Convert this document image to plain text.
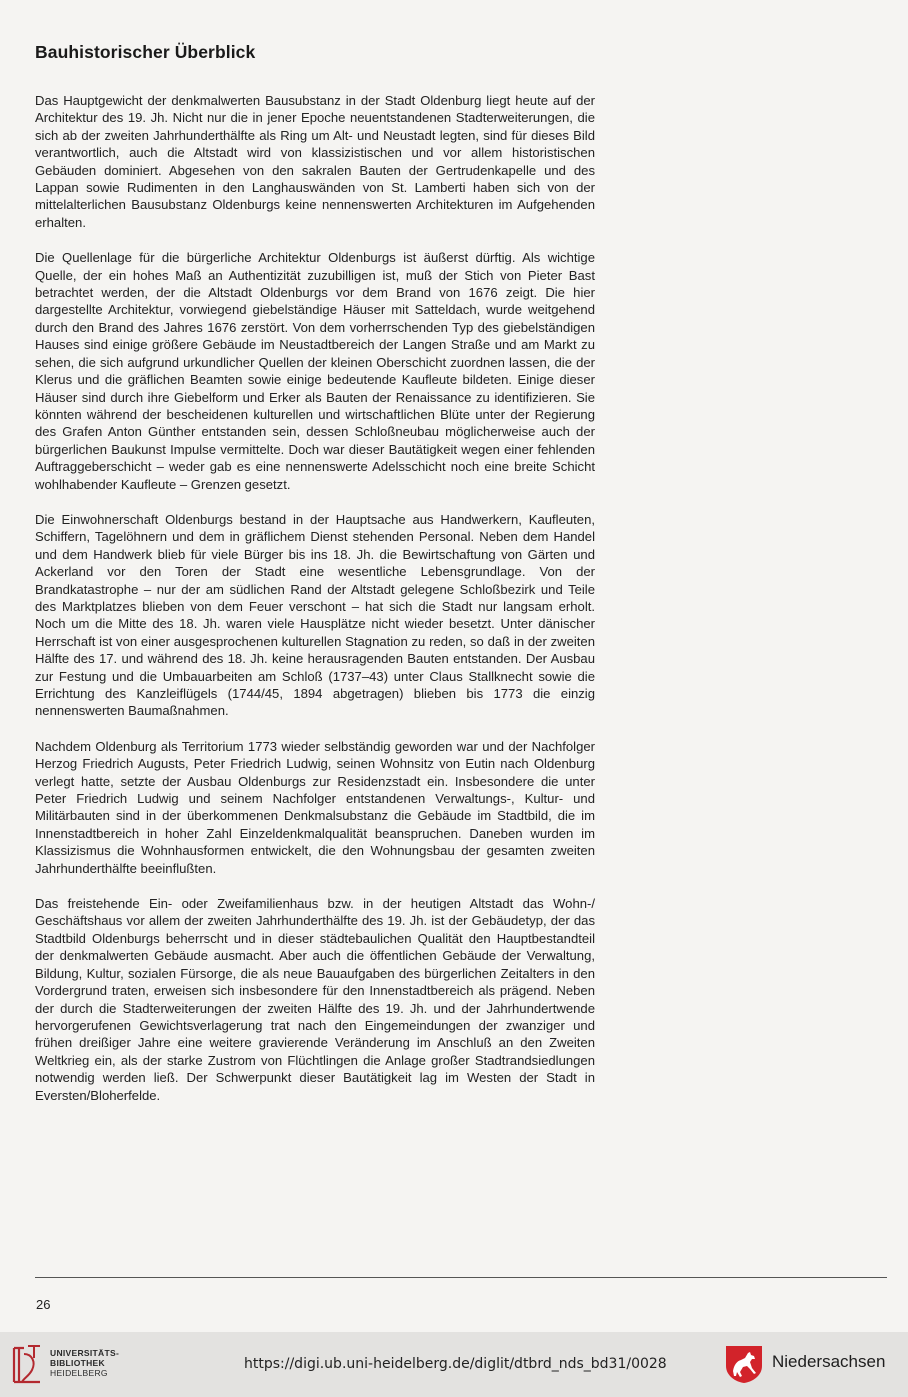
Bauhistorischer Überblick

Das Hauptgewicht der denkmalwerten Bausubstanz in der Stadt Oldenburg liegt heute auf der Architektur des 19. Jh. Nicht nur die in jener Epoche neuentstandenen Stadterweiterungen, die sich ab der zweiten Jahrhunderthälfte als Ring um Alt- und Neustadt legten, sind für dieses Bild verantwortlich, auch die Altstadt wird von klassizistischen und vor allem historistischen Gebäuden dominiert. Abgesehen von den sakralen Bauten der Gertrudenkapelle und des Lappan sowie Rudimenten in den Langhauswänden von St. Lamberti haben sich von der mittelalterlichen Bausubstanz Oldenburgs keine nennenswerten Architekturen im Aufgehenden erhalten.

Die Quellenlage für die bürgerliche Architektur Oldenburgs ist äußerst dürftig. Als wichtige Quelle, der ein hohes Maß an Authentizität zuzubilligen ist, muß der Stich von Pieter Bast betrachtet werden, der die Altstadt Oldenburgs vor dem Brand von 1676 zeigt. Die hier dargestellte Architektur, vorwiegend giebelständige Häuser mit Satteldach, wurde weitgehend durch den Brand des Jahres 1676 zerstört. Von dem vorherrschenden Typ des giebelständigen Hauses sind einige größere Gebäude im Neustadtbereich der Langen Straße und am Markt zu sehen, die sich aufgrund urkundlicher Quellen der kleinen Oberschicht zuordnen lassen, die der Klerus und die gräflichen Beamten sowie einige bedeutende Kaufleute bildeten. Einige dieser Häuser sind durch ihre Giebelform und Erker als Bauten der Renaissance zu identifizieren. Sie könnten während der bescheidenen kulturellen und wirtschaftlichen Blüte unter der Regierung des Grafen Anton Günther entstanden sein, dessen Schloßneubau möglicherweise auch der bürgerlichen Baukunst Impulse vermittelte. Doch war dieser Bautätigkeit wegen einer fehlenden Auftraggeberschicht – weder gab es eine nennenswerte Adelsschicht noch eine breite Schicht wohlhabender Kaufleute – Grenzen gesetzt.

Die Einwohnerschaft Oldenburgs bestand in der Hauptsache aus Handwerkern, Kaufleuten, Schiffern, Tagelöhnern und dem in gräflichem Dienst stehenden Personal. Neben dem Handel und dem Handwerk blieb für viele Bürger bis ins 18. Jh. die Bewirtschaftung von Gärten und Ackerland vor den Toren der Stadt eine wesentliche Lebensgrundlage. Von der Brandkatastrophe – nur der am südlichen Rand der Altstadt gelegene Schloßbezirk und Teile des Marktplatzes blieben von dem Feuer verschont – hat sich die Stadt nur langsam erholt. Noch um die Mitte des 18. Jh. waren viele Hausplätze nicht wieder besetzt. Unter dänischer Herrschaft ist von einer ausgesprochenen kulturellen Stagnation zu reden, so daß in der zweiten Hälfte des 17. und während des 18. Jh. keine herausragenden Bauten entstanden. Der Ausbau zur Festung und die Umbauarbeiten am Schloß (1737–43) unter Claus Stallknecht sowie die Errichtung des Kanzleiflügels (1744/45, 1894 abgetragen) blieben bis 1773 die einzig nennenswerten Baumaßnahmen.

Nachdem Oldenburg als Territorium 1773 wieder selbständig geworden war und der Nachfolger Herzog Friedrich Augusts, Peter Friedrich Ludwig, seinen Wohnsitz von Eutin nach Oldenburg verlegt hatte, setzte der Ausbau Oldenburgs zur Residenzstadt ein. Insbesondere die unter Peter Friedrich Ludwig und seinem Nachfolger entstandenen Verwaltungs-, Kultur- und Militärbauten sind in der überkommenen Denkmalsubstanz die Gebäude im Stadtbild, die im Innenstadtbereich in hoher Zahl Einzeldenkmalqualität beanspruchen. Daneben wurden im Klassizismus die Wohnhausformen entwickelt, die den Wohnungsbau der gesamten zweiten Jahrhunderthälfte beeinflußten.

Das freistehende Ein- oder Zweifamilienhaus bzw. in der heutigen Altstadt das Wohn-/ Geschäftshaus vor allem der zweiten Jahrhunderthälfte des 19. Jh. ist der Gebäudetyp, der das Stadtbild Oldenburgs beherrscht und in dieser städtebaulichen Qualität den Hauptbestandteil der denkmalwerten Gebäude ausmacht. Aber auch die öffentlichen Gebäude der Verwaltung, Bildung, Kultur, sozialen Fürsorge, die als neue Bauaufgaben des bürgerlichen Zeitalters in den Vordergrund traten, erweisen sich insbesondere für den Innenstadtbereich als prägend. Neben der durch die Stadterweiterungen der zweiten Hälfte des 19. Jh. und der Jahrhundertwende hervorgerufenen Gewichtsverlagerung trat nach den Eingemeindungen der zwanziger und frühen dreißiger Jahre eine weitere gravierende Veränderung im Anschluß an den Zweiten Weltkrieg ein, als der starke Zustrom von Flüchtlingen die Anlage großer Stadtrandsiedlungen notwendig werden ließ. Der Schwerpunkt dieser Bautätigkeit lag im Westen der Stadt in Eversten/Bloherfelde.

26
UNIVERSITÄTS-
BIBLIOTHEK
HEIDELBERG
https://digi.ub.uni-heidelberg.de/diglit/dtbrd_nds_bd31/0028	Niedersachsen
